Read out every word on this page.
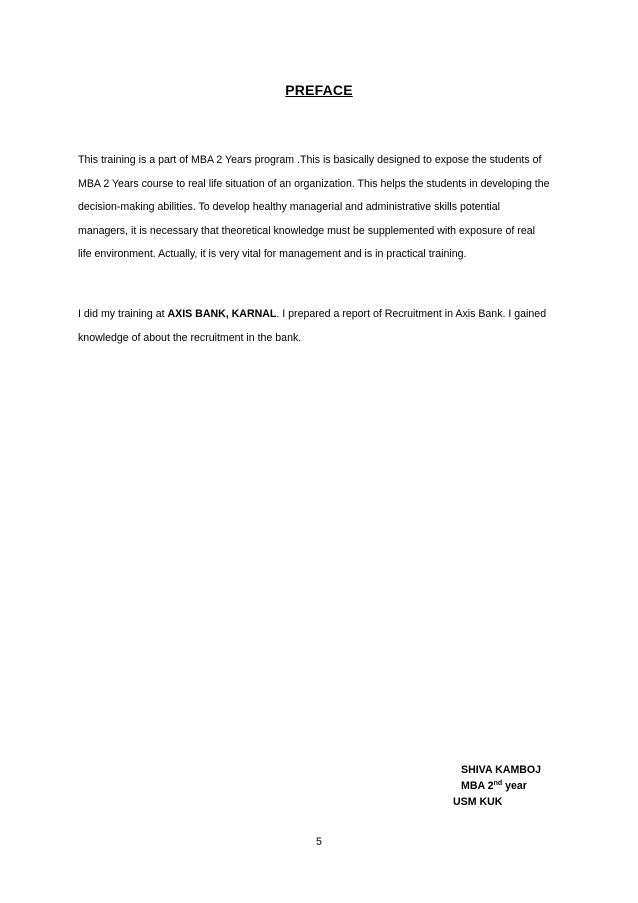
PREFACE

This training is a part of MBA 2 Years program .This is basically designed to expose the students of
MBA 2 Years course to real life situation of an organization. This helps the students in developing the
decision-making abilities. To develop healthy managerial and administrative skills potential
managers, it is necessary that theoretical knowledge must be supplemented with exposure of real
life environment. Actually, it is very vital for management and is in practical training.

I did my training at AXIS BANK, KARNAL. I prepared a report of Recruitment in Axis Bank. I gained
knowledge of about the recruitment in the bank.

SHIVA KAMBOJ
MBA 2nd year
USM KUK
5
